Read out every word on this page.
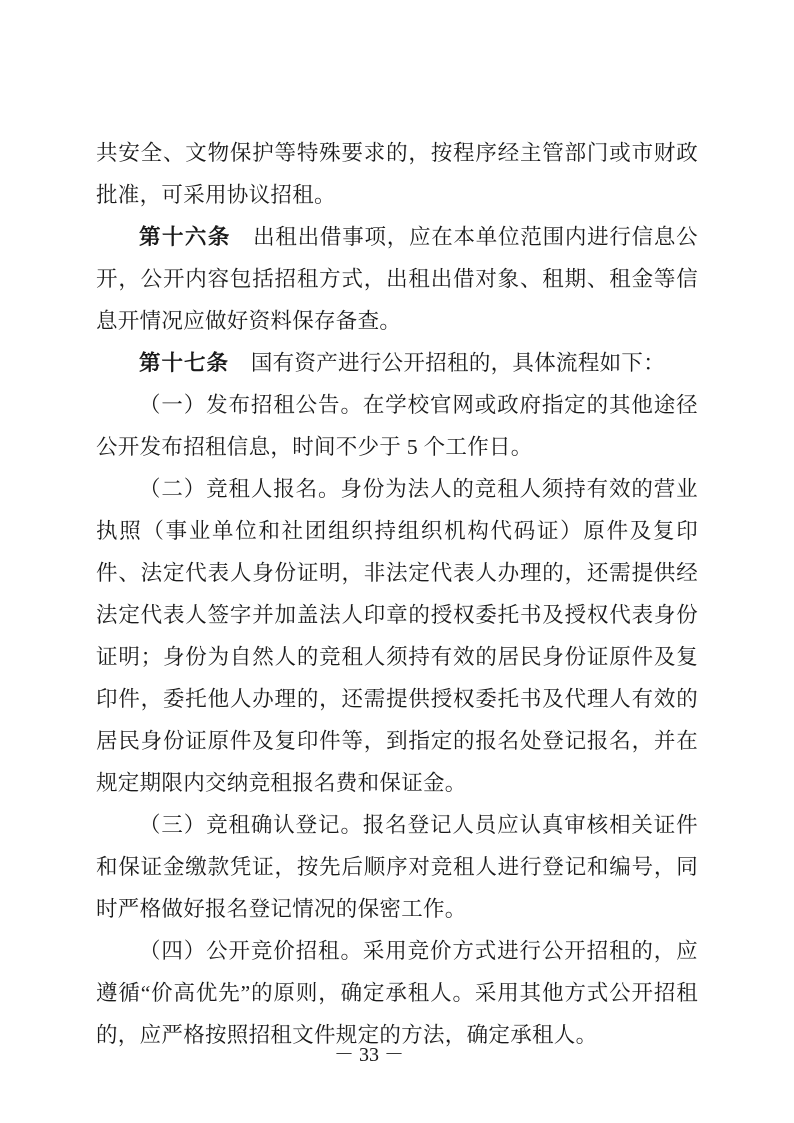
共安全、文物保护等特殊要求的，按程序经主管部门或市财政批准，可采用协议招租。

第十六条　 出租出借事项，应在本单位范围内进行信息公开，公开内容包括招租方式，出租出借对象、租期、租金等信息开情况应做好资料保存备查。

第十七条　 国有资产进行公开招租的，具体流程如下：

（一）发布招租公告。在学校官网或政府指定的其他途径公开发布招租信息，时间不少于 5 个工作日。

（二）竞租人报名。身份为法人的竞租人须持有效的营业执照（事业单位和社团组织持组织机构代码证）原件及复印件、法定代表人身份证明，非法定代表人办理的，还需提供经法定代表人签字并加盖法人印章的授权委托书及授权代表身份证明；身份为自然人的竞租人须持有效的居民身份证原件及复印件，委托他人办理的，还需提供授权委托书及代理人有效的居民身份证原件及复印件等，到指定的报名处登记报名，并在规定期限内交纳竞租报名费和保证金。

（三）竞租确认登记。报名登记人员应认真审核相关证件和保证金缴款凭证，按先后顺序对竞租人进行登记和编号，同时严格做好报名登记情况的保密工作。

（四）公开竞价招租。采用竞价方式进行公开招租的，应遵循“价高优先”的原则，确定承租人。采用其他方式公开招租的，应严格按照招租文件规定的方法，确定承租人。

－ 33 －
